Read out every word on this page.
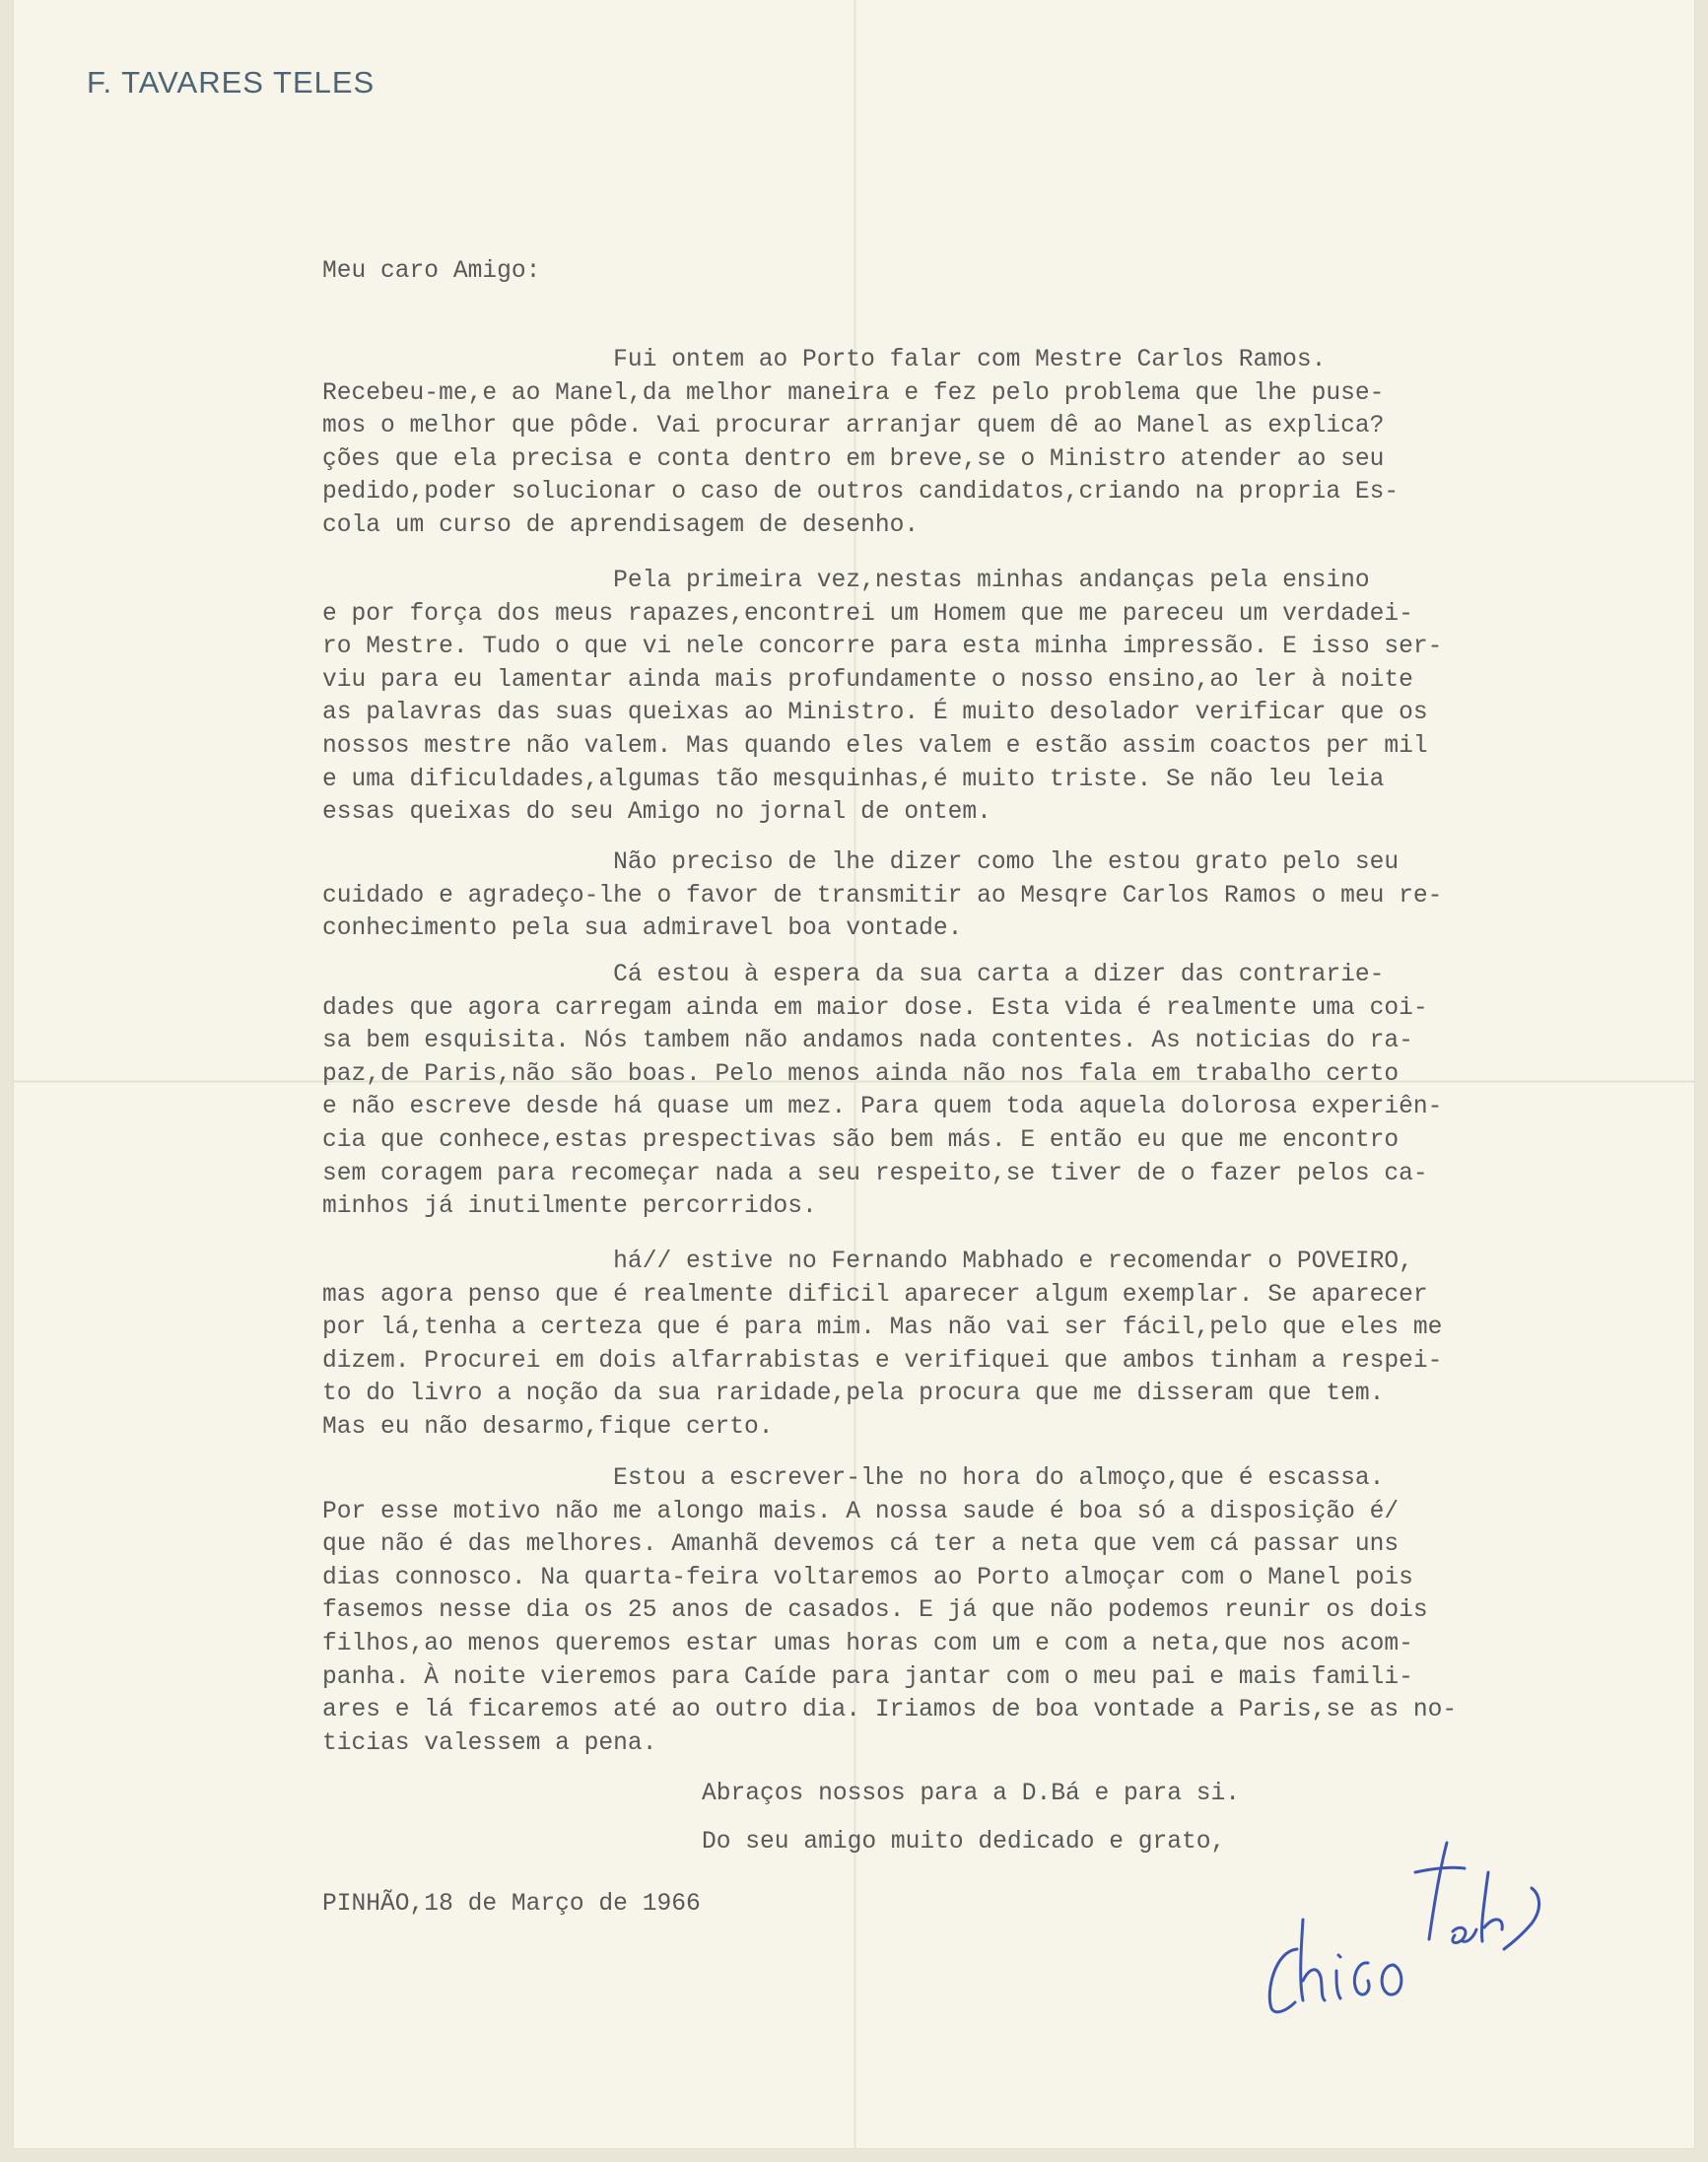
F. TAVARES TELES

Meu caro Amigo:

Fui ontem ao Porto falar com Mestre Carlos Ramos.
Recebeu-me,e ao Manel,da melhor maneira e fez pelo problema que lhe puse-
mos o melhor que pôde. Vai procurar arranjar quem dê ao Manel as explica?
ções que ela precisa e conta dentro em breve,se o Ministro atender ao seu
pedido,poder solucionar o caso de outros candidatos,criando na propria Es-
cola um curso de aprendisagem de desenho.

Pela primeira vez,nestas minhas andanças pela ensino
e por força dos meus rapazes,encontrei um Homem que me pareceu um verdadei-
ro Mestre. Tudo o que vi nele concorre para esta minha impressão. E isso ser-
viu para eu lamentar ainda mais profundamente o nosso ensino,ao ler à noite
as palavras das suas queixas ao Ministro. É muito desolador verificar que os
nossos mestre não valem. Mas quando eles valem e estão assim coactos per mil
e uma dificuldades,algumas tão mesquinhas,é muito triste. Se não leu leia
essas queixas do seu Amigo no jornal de ontem.

Não preciso de lhe dizer como lhe estou grato pelo seu
cuidado e agradeço-lhe o favor de transmitir ao Mesqre Carlos Ramos o meu re-
conhecimento pela sua admiravel boa vontade.

Cá estou à espera da sua carta a dizer das contrarie-
dades que agora carregam ainda em maior dose. Esta vida é realmente uma coi-
sa bem esquisita. Nós tambem não andamos nada contentes. As noticias do ra-
paz,de Paris,não são boas. Pelo menos ainda não nos fala em trabalho certo
e não escreve desde há quase um mez. Para quem toda aquela dolorosa experiên-
cia que conhece,estas prespectivas são bem más. E então eu que me encontro
sem coragem para recomeçar nada a seu respeito,se tiver de o fazer pelos ca-
minhos já inutilmente percorridos.

há// estive no Fernando Mabhado e recomendar o POVEIRO,
mas agora penso que é realmente dificil aparecer algum exemplar. Se aparecer
por lá,tenha a certeza que é para mim. Mas não vai ser fácil,pelo que eles me
dizem. Procurei em dois alfarrabistas e verifiquei que ambos tinham a respei-
to do livro a noção da sua raridade,pela procura que me disseram que tem.
Mas eu não desarmo,fique certo.

Estou a escrever-lhe no hora do almoço,que é escassa.
Por esse motivo não me alongo mais. A nossa saude é boa só a disposição é/
que não é das melhores. Amanhã devemos cá ter a neta que vem cá passar uns
dias connosco. Na quarta-feira voltaremos ao Porto almoçar com o Manel pois
fasemos nesse dia os 25 anos de casados. E já que não podemos reunir os dois
filhos,ao menos queremos estar umas horas com um e com a neta,que nos acom-
panha. À noite vieremos para Caíde para jantar com o meu pai e mais famili-
ares e lá ficaremos até ao outro dia. Iriamos de boa vontade a Paris,se as no-
ticias valessem a pena.

Abraços nossos para a D.Bá e para si.

Do seu amigo muito dedicado e grato,

PINHÃO,18 de Março de 1966
